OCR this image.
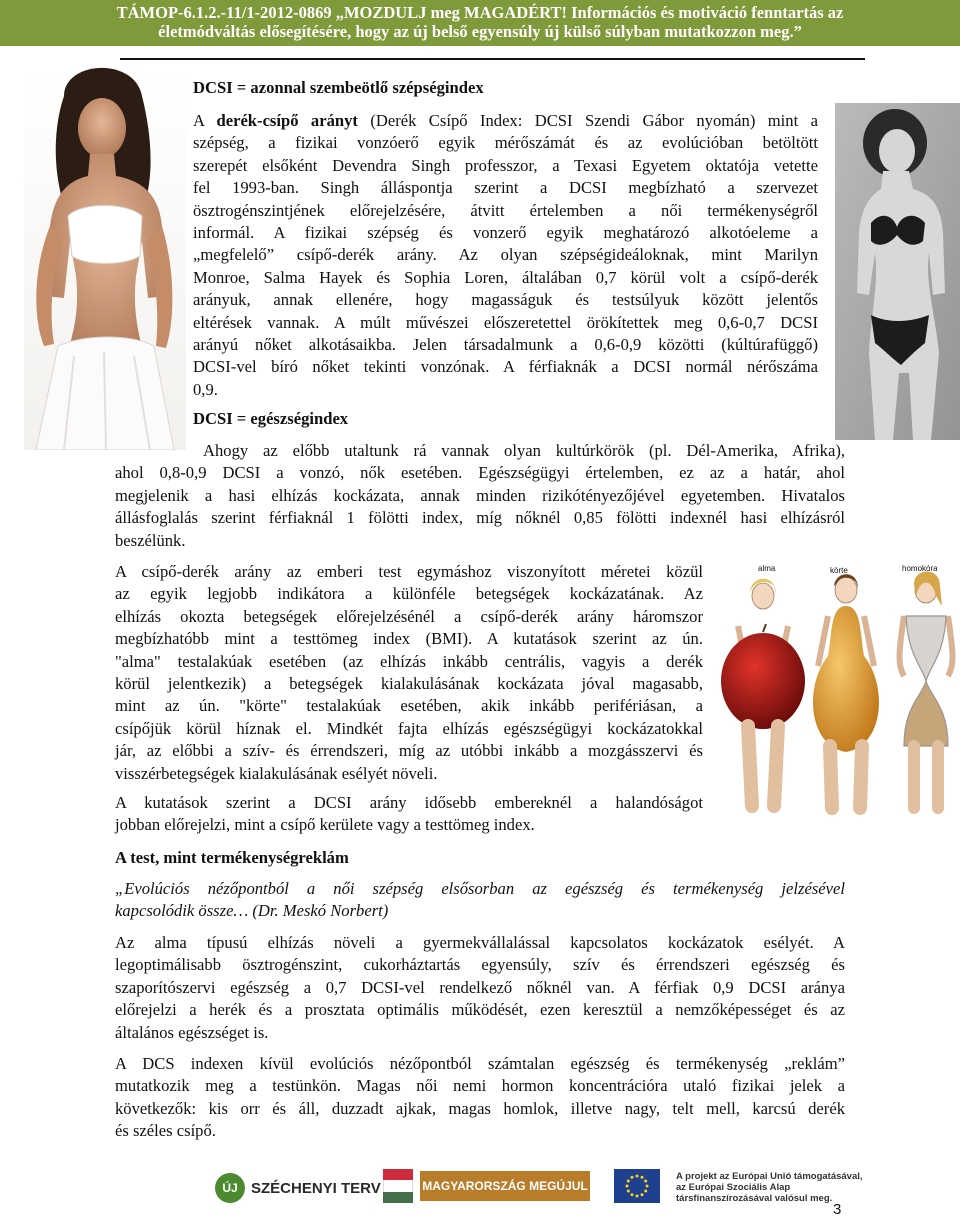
TÁMOP-6.1.2.-11/1-2012-0869 „MOZDULJ meg MAGADÉRT! Információs és motiváció fenntartás az
életmódváltás elősegítésére, hogy az új belső egyensúly új külső súlyban mutatkozzon meg.”
DCSI = azonnal szembeötlő szépségindex
A derék-csípő arányt (Derék Csípő Index: DCSI Szendi Gábor nyomán) mint a
szépség, a fizikai vonzóerő egyik mérőszámát és az evolúcióban betöltött
szerepét elsőként Devendra Singh professzor, a Texasi Egyetem oktatója vetette
fel 1993-ban. Singh álláspontja szerint a DCSI megbízható a szervezet
ösztrogénszintjének előrejelzésére, átvitt értelemben a női termékenységről
informál. A fizikai szépség és vonzerő egyik meghatározó alkotóeleme a
„megfelelő” csípő-derék arány. Az olyan szépségideáloknak, mint Marilyn
Monroe, Salma Hayek és Sophia Loren, általában 0,7 körül volt a csípő-derék
arányuk, annak ellenére, hogy magasságuk és testsúlyuk között jelentős
eltérések vannak. A múlt művészei előszeretettel örökítettek meg 0,6-0,7 DCSI
arányú nőket alkotásaikba. Jelen társadalmunk a 0,6-0,9 közötti (kúltúrafüggő)
DCSI-vel bíró nőket tekinti vonzónak. A férfiaknák a DCSI normál nérőszáma
0,9.
DCSI = egészségindex
Ahogy az előbb utaltunk rá vannak olyan kultúrkörök (pl. Dél-Amerika, Afrika),
ahol 0,8-0,9 DCSI a vonzó, nők esetében. Egészségügyi értelemben, ez az a határ, ahol
megjelenik a hasi elhízás kockázata, annak minden rizikótényezőjével egyetemben. Hivatalos
állásfoglalás szerint férfiaknál 1 fölötti index, míg nőknél 0,85 fölötti indexnél hasi elhízásról
beszélünk.
A csípő-derék arány az emberi test egymáshoz viszonyított méretei közül
az egyik legjobb indikátora a különféle betegségek kockázatának. Az
elhízás okozta betegségek előrejelzésénél a csípő-derék arány háromszor
megbízhatóbb mint a testtömeg index (BMI). A kutatások szerint az ún.
"alma" testalakúak esetében (az elhízás inkább centrális, vagyis a derék
körül jelentkezik) a betegségek kialakulásának kockázata jóval magasabb,
mint az ún. "körte" testalakúak esetében, akik inkább perifériásan, a
csípőjük körül híznak el. Mindkét fajta elhízás egészségügyi kockázatokkal
jár, az előbbi a szív- és érrendszeri, míg az utóbbi inkább a mozgásszervi és
visszérbetegségek kialakulásának esélyét növeli.
A kutatások szerint a DCSI arány idősebb embereknél a halandóságot
jobban előrejelzi, mint a csípő kerülete vagy a testtömeg index.
alma	körte	homokóra
A test, mint termékenységreklám
„Evolúciós nézőpontból a női szépség elsősorban az egészség és termékenység jelzésével
kapcsolódik össze… (Dr. Meskó Norbert)
Az alma típusú elhízás növeli a gyermekvállalással kapcsolatos kockázatok esélyét. A
legoptimálisabb ösztrogénszint, cukorháztartás egyensúly, szív és érrendszeri egészség és
szaporítószervi egészség a 0,7 DCSI-vel rendelkező nőknél van. A férfiak 0,9 DCSI aránya
előrejelzi a herék és a prosztata optimális működését, ezen keresztül a nemzőképességet és az
általános egészséget is.
A DCS indexen kívül evolúciós nézőpontból számtalan egészség és termékenység „reklám”
mutatkozik meg a testünkön. Magas női nemi hormon koncentrációra utaló fizikai jelek a
következők: kis orr és áll, duzzadt ajkak, magas homlok, illetve nagy, telt mell, karcsú derék
és széles csípő.
ÚJ SZÉCHENYI TERV	MAGYARORSZÁG MEGÚJUL
A projekt az Európai Unió támogatásával,
az Európai Szociális Alap
társfinanszírozásával valósul meg.
3
